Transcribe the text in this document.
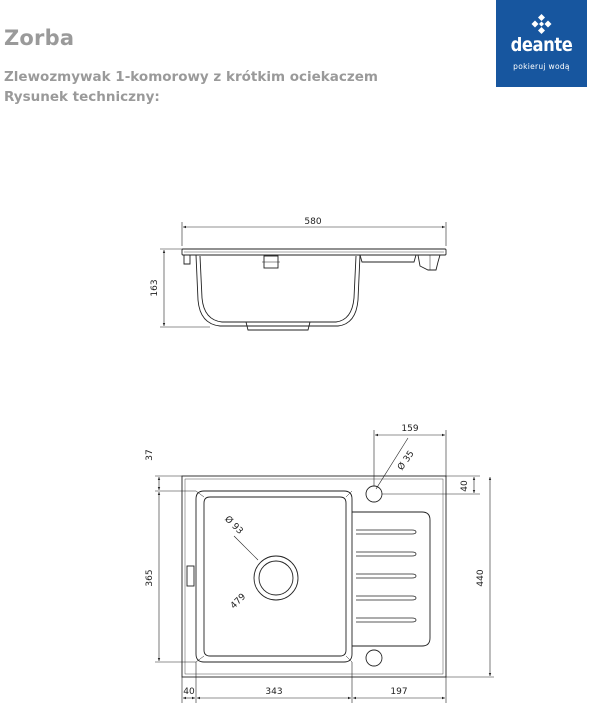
Zorba

Zlewozmywak 1-komorowy z krótkim ociekaczem

Rysunek techniczny:

deante
pokieruj wodą
580
163
159
Ø 35
40
440
37
365
Ø 93
479
40	343	197
